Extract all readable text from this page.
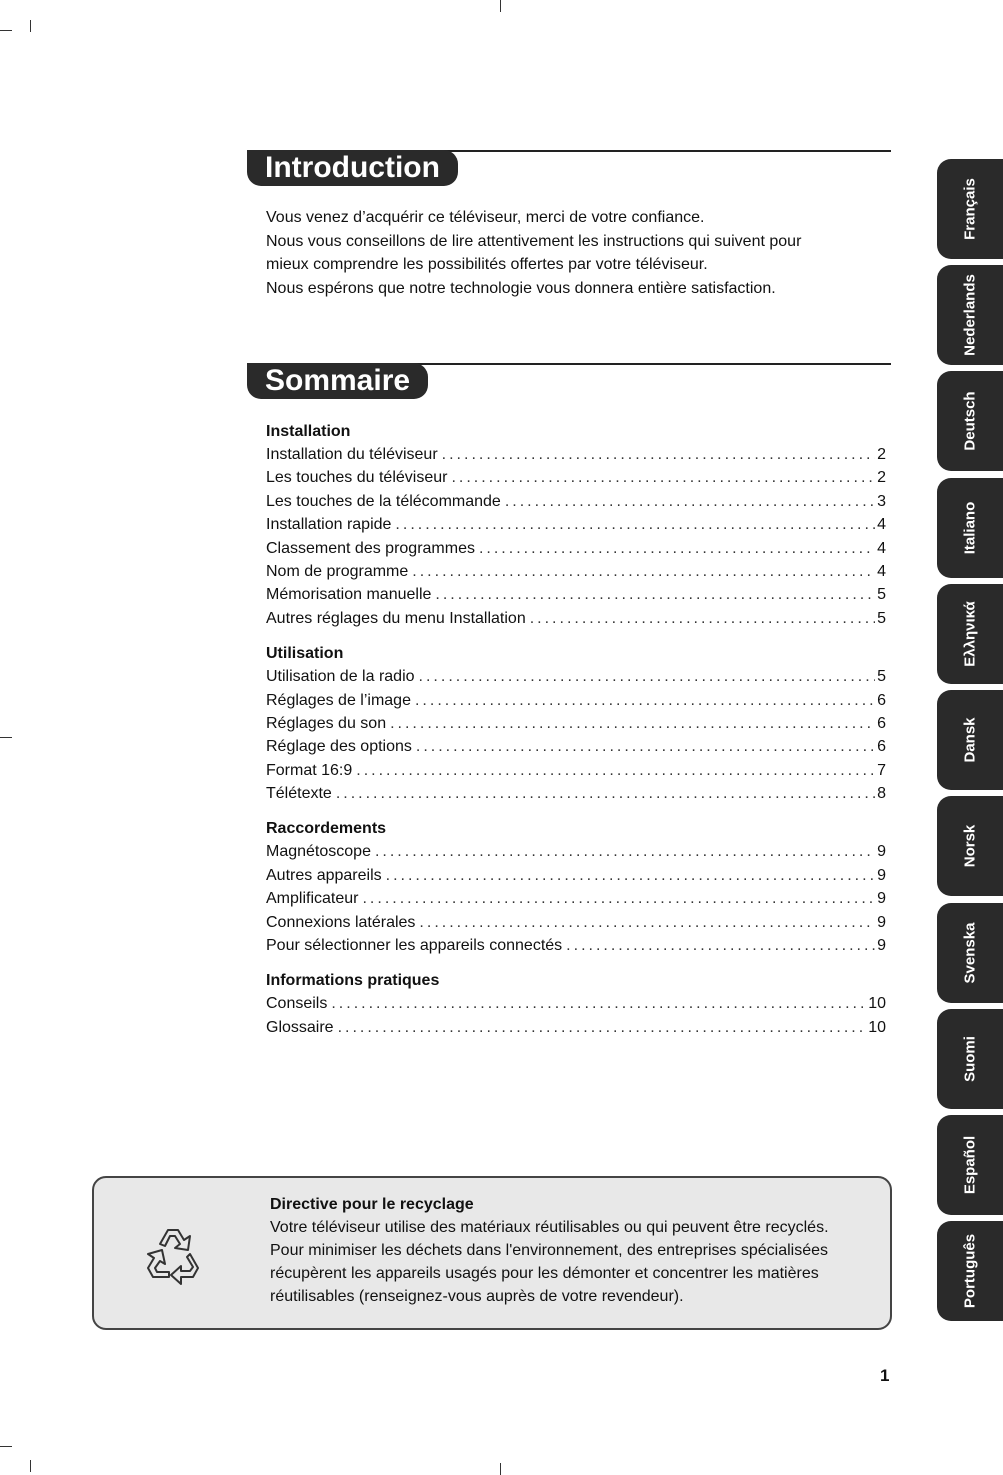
Introduction

Vous venez d’acquérir ce téléviseur, merci de votre confiance.

Nous vous conseillons de lire attentivement les instructions qui suivent pour

mieux comprendre les possibilités offertes par votre téléviseur.

Nous espérons que notre technologie vous donnera entière satisfaction.

Sommaire
Installation
Installation du téléviseur .....	2
Les touches du téléviseur .....	2
Les touches de la télécommande .....	3
Installation rapide .....	4
Classement des programmes .....	4
Nom de programme .....	4
Mémorisation manuelle .....	5
Autres réglages du menu Installation .....	5
Utilisation
Utilisation de la radio .....	5
Réglages de l’image .....	6
Réglages du son .....	6
Réglage des options .....	6
Format 16:9 .....	7
Télétexte .....	8
Raccordements
Magnétoscope .....	9
Autres appareils .....	9
Amplificateur .....	9
Connexions latérales .....	9
Pour sélectionner les appareils connectés .....	9
Informations pratiques
Conseils .....	10
Glossaire .....	10
Directive pour le recyclage
Votre téléviseur utilise des matériaux réutilisables ou qui peuvent être recyclés.
Pour minimiser les déchets dans l'environnement, des entreprises spécialisées
récupèrent les appareils usagés pour les démonter et concentrer les matières
réutilisables (renseignez-vous auprès de votre revendeur).
Français
Nederlands
Deutsch
Italiano
Ελληνικά
Dansk
Norsk
Svenska
Suomi
Español
Português
1
